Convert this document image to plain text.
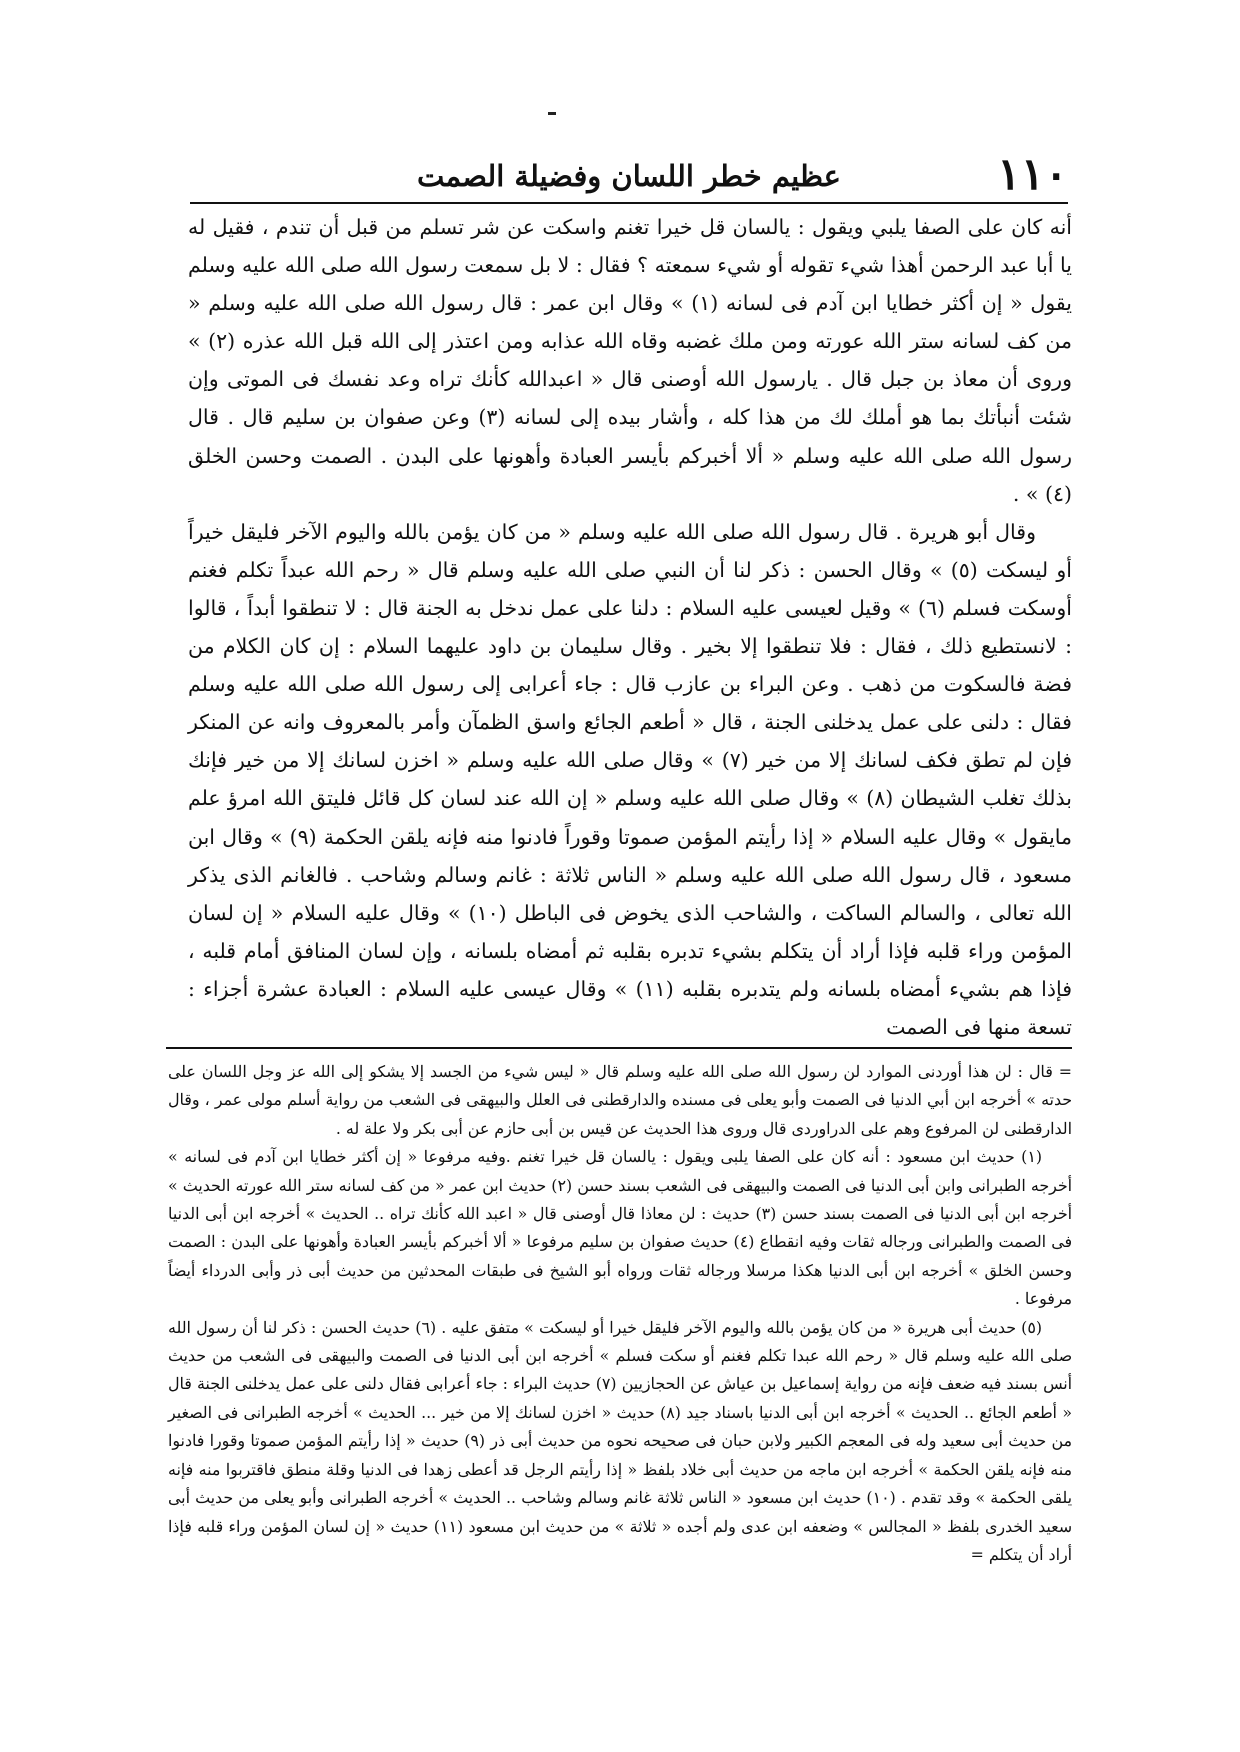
١١٠
عظيم خطر اللسان وفضيلة الصمت

أنه كان على الصفا يلبي ويقول : يالسان قل خيرا تغنم واسكت عن شر تسلم من قبل أن تندم ، فقيل له يا أبا عبد الرحمن أهذا شيء تقوله أو شيء سمعته ؟ فقال : لا بل سمعت رسول الله صلى الله عليه وسلم يقول « إن أكثر خطايا ابن آدم فى لسانه (١) » وقال ابن عمر : قال رسول الله صلى الله عليه وسلم « من كف لسانه ستر الله عورته ومن ملك غضبه وقاه الله عذابه ومن اعتذر إلى الله قبل الله عذره (٢) » وروى أن معاذ بن جبل قال . يارسول الله أوصنى قال « اعبدالله كأنك تراه وعد نفسك فى الموتى وإن شئت أنبأتك بما هو أملك لك من هذا كله ، وأشار بيده إلى لسانه (٣) وعن صفوان بن سليم قال . قال رسول الله صلى الله عليه وسلم « ألا أخبركم بأيسر العبادة وأهونها على البدن . الصمت وحسن الخلق (٤) » .

وقال أبو هريرة . قال رسول الله صلى الله عليه وسلم « من كان يؤمن بالله واليوم الآخر فليقل خيراً أو ليسكت (٥) » وقال الحسن : ذكر لنا أن النبي صلى الله عليه وسلم قال « رحم الله عبداً تكلم فغنم أوسكت فسلم (٦) » وقيل لعيسى عليه السلام : دلنا على عمل ندخل به الجنة قال : لا تنطقوا أبداً ، قالوا : لانستطيع ذلك ، فقال : فلا تنطقوا إلا بخير . وقال سليمان بن داود عليهما السلام : إن كان الكلام من فضة فالسكوت من ذهب . وعن البراء بن عازب قال : جاء أعرابى إلى رسول الله صلى الله عليه وسلم فقال : دلنى على عمل يدخلنى الجنة ، قال « أطعم الجائع واسق الظمآن وأمر بالمعروف وانه عن المنكر فإن لم تطق فكف لسانك إلا من خير (٧) » وقال صلى الله عليه وسلم « اخزن لسانك إلا من خير فإنك بذلك تغلب الشيطان (٨) » وقال صلى الله عليه وسلم « إن الله عند لسان كل قائل فليتق الله امرؤ علم مايقول » وقال عليه السلام « إذا رأيتم المؤمن صموتا وقوراً فادنوا منه فإنه يلقن الحكمة (٩) » وقال ابن مسعود ، قال رسول الله صلى الله عليه وسلم « الناس ثلاثة : غانم وسالم وشاحب . فالغانم الذى يذكر الله تعالى ، والسالم الساكت ، والشاحب الذى يخوض فى الباطل (١٠) » وقال عليه السلام « إن لسان المؤمن وراء قلبه فإذا أراد أن يتكلم بشيء تدبره بقلبه ثم أمضاه بلسانه ، وإن لسان المنافق أمام قلبه ، فإذا هم بشيء أمضاه بلسانه ولم يتدبره بقلبه (١١) » وقال عيسى عليه السلام : العبادة عشرة أجزاء : تسعة منها فى الصمت

= قال : لن هذا أوردنى الموارد لن رسول الله صلى الله عليه وسلم قال « ليس شيء من الجسد إلا يشكو إلى الله عز وجل اللسان على حدته » أخرجه ابن أبي الدنيا فى الصمت وأبو يعلى فى مسنده والدارقطنى فى العلل والبيهقى فى الشعب من رواية أسلم مولى عمر ، وقال الدارقطنى لن المرفوع وهم على الدراوردى قال وروى هذا الحديث عن قيس بن أبى حازم عن أبى بكر ولا علة له .

(١) حديث ابن مسعود : أنه كان على الصفا يلبى ويقول : يالسان قل خيرا تغنم .وفيه مرفوعا « إن أكثر خطايا ابن آدم فى لسانه » أخرجه الطبرانى وابن أبى الدنيا فى الصمت والبيهقى فى الشعب بسند حسن (٢) حديث ابن عمر « من كف لسانه ستر الله عورته الحديث » أخرجه ابن أبى الدنيا فى الصمت بسند حسن (٣) حديث : لن معاذا قال أوصنى قال « اعبد الله كأنك تراه .. الحديث » أخرجه ابن أبى الدنيا فى الصمت والطبرانى ورجاله ثقات وفيه انقطاع (٤) حديث صفوان بن سليم مرفوعا « ألا أخبركم بأيسر العبادة وأهونها على البدن : الصمت وحسن الخلق » أخرجه ابن أبى الدنيا هكذا مرسلا ورجاله ثقات ورواه أبو الشيخ فى طبقات المحدثين من حديث أبى ذر وأبى الدرداء أيضاً مرفوعا .

(٥) حديث أبى هريرة « من كان يؤمن بالله واليوم الآخر فليقل خيرا أو ليسكت » متفق عليه . (٦) حديث الحسن : ذكر لنا أن رسول الله صلى الله عليه وسلم قال « رحم الله عبدا تكلم فغنم أو سكت فسلم » أخرجه ابن أبى الدنيا فى الصمت والبيهقى فى الشعب من حديث أنس بسند فيه ضعف فإنه من رواية إسماعيل بن عياش عن الحجازيين (٧) حديث البراء : جاء أعرابى فقال دلنى على عمل يدخلنى الجنة قال « أطعم الجائع .. الحديث » أخرجه ابن أبى الدنيا باسناد جيد (٨) حديث « اخزن لسانك إلا من خير ... الحديث » أخرجه الطبرانى فى الصغير من حديث أبى سعيد وله فى المعجم الكبير ولابن حبان فى صحيحه نحوه من حديث أبى ذر (٩) حديث « إذا رأيتم المؤمن صموتا وقورا فادنوا منه فإنه يلقن الحكمة » أخرجه ابن ماجه من حديث أبى خلاد بلفظ « إذا رأيتم الرجل قد أعطى زهدا فى الدنيا وقلة منطق فاقتربوا منه فإنه يلقى الحكمة » وقد تقدم . (١٠) حديث ابن مسعود « الناس ثلاثة غانم وسالم وشاحب .. الحديث » أخرجه الطبرانى وأبو يعلى من حديث أبى سعيد الخدرى بلفظ « المجالس » وضعفه ابن عدى ولم أجده « ثلاثة » من حديث ابن مسعود (١١) حديث « إن لسان المؤمن وراء قلبه فإذا أراد أن يتكلم =
